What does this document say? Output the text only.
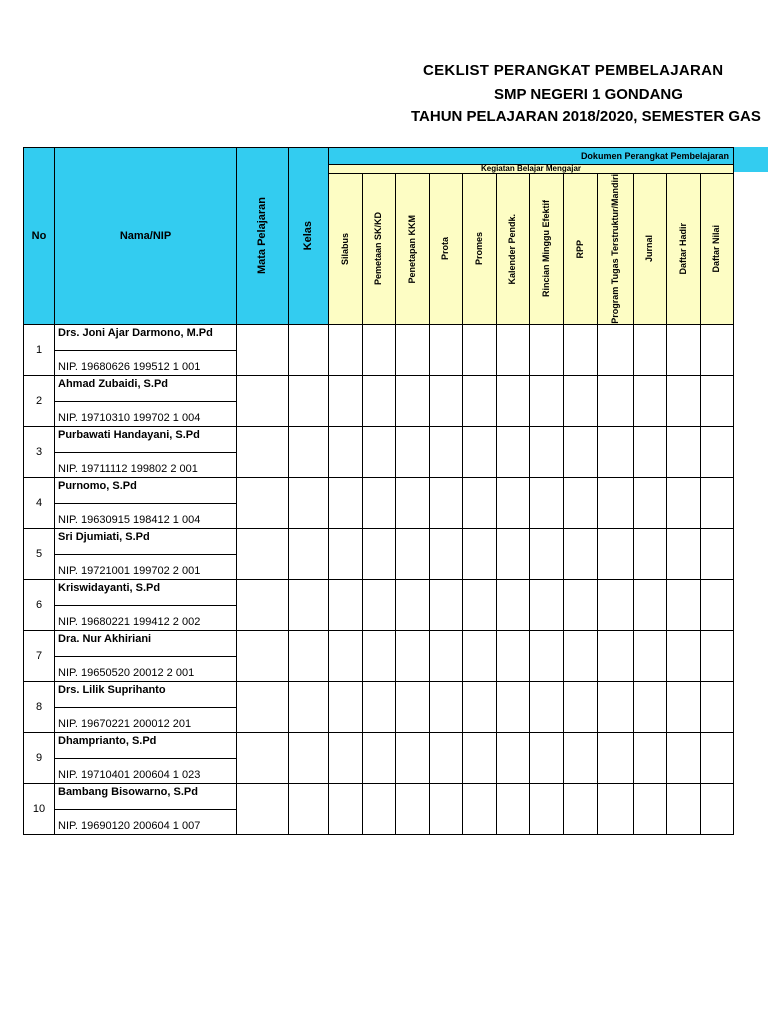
CEKLIST PERANGKAT PEMBELAJARAN
SMP NEGERI 1 GONDANG
TAHUN PELAJARAN 2018/2020, SEMESTER GAS
No	Nama/NIP	Mata Pelajaran	Kelas	Dokumen Perangkat Pembelajaran											
				Kegiatan Belajar Mengajar											

				Silabus	Pemetaan SK/KD	Penetapan KKM	Prota	Promes	Kalender Pendk.	Rincian Minggu Efektif	RPP	Program Tugas Terstruktur/Mandiri	Jurnal	Daftar Hadir	Daftar Nilai

1	Drs. Joni Ajar Darmono, M.Pd														
	NIP. 19680626 199512 1 001														
2	Ahmad Zubaidi, S.Pd														
	NIP. 19710310 199702 1 004														
3	Purbawati Handayani, S.Pd														
	NIP. 19711112 199802 2 001														
4	Purnomo, S.Pd														
	NIP. 19630915 198412 1 004														
5	Sri Djumiati, S.Pd														
	NIP. 19721001 199702 2 001														
6	Kriswidayanti, S.Pd														
	NIP. 19680221 199412 2 002														
7	Dra. Nur Akhiriani														
	NIP. 19650520 20012 2 001														
8	Drs. Lilik Suprihanto														
	NIP. 19670221 200012 201														
9	Dhamprianto, S.Pd														
	NIP. 19710401 200604 1 023														
10	Bambang Bisowarno, S.Pd														
	NIP. 19690120 200604 1 007														
